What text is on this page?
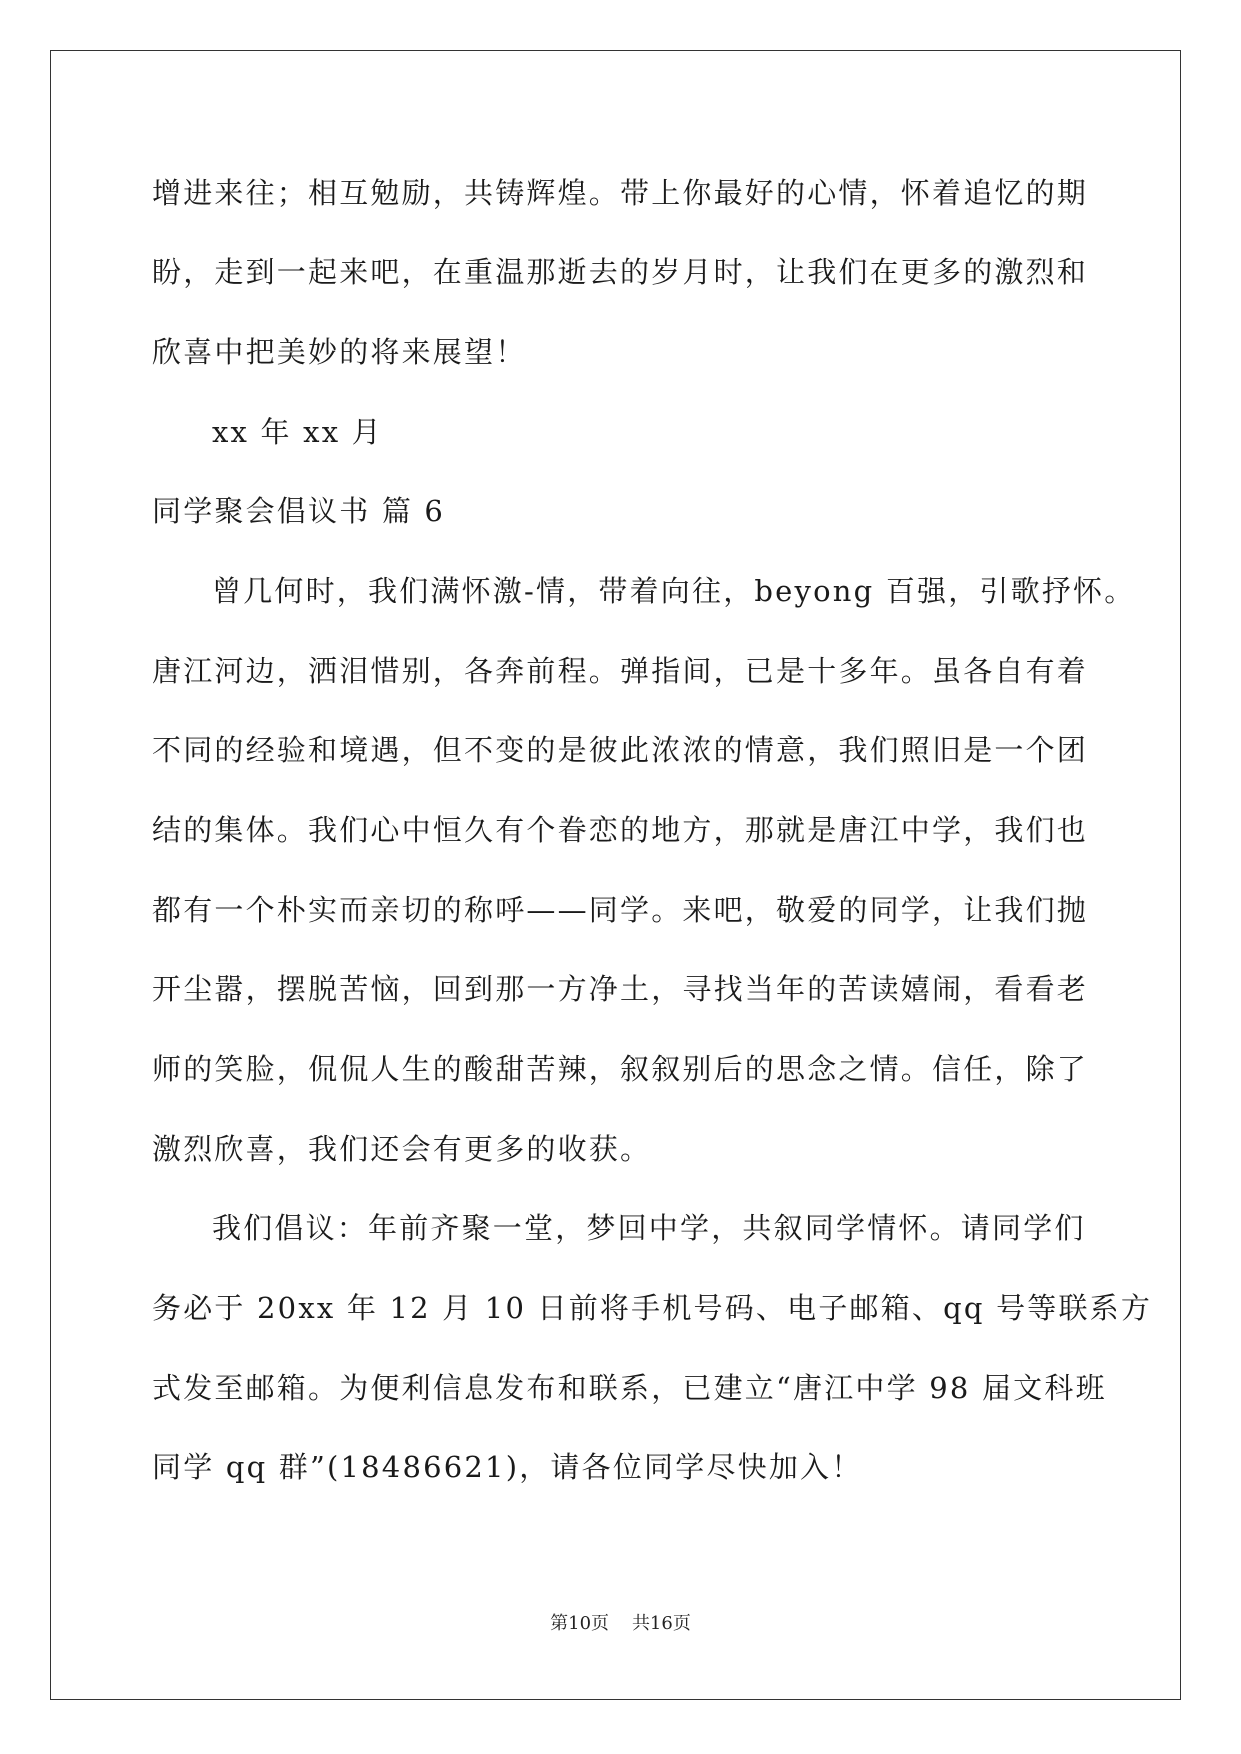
增进来往；相互勉励，共铸辉煌。带上你最好的心情，怀着追忆的期
盼，走到一起来吧，在重温那逝去的岁月时，让我们在更多的激烈和
欣喜中把美妙的将来展望！
xx 年 xx 月
同学聚会倡议书 篇 6
曾几何时，我们满怀激-情，带着向往，beyong 百强，引歌抒怀。
唐江河边，洒泪惜别，各奔前程。弹指间，已是十多年。虽各自有着
不同的经验和境遇，但不变的是彼此浓浓的情意，我们照旧是一个团
结的集体。我们心中恒久有个眷恋的地方，那就是唐江中学，我们也
都有一个朴实而亲切的称呼——同学。来吧，敬爱的同学，让我们抛
开尘嚣，摆脱苦恼，回到那一方净土，寻找当年的苦读嬉闹，看看老
师的笑脸，侃侃人生的酸甜苦辣，叙叙别后的思念之情。信任，除了
激烈欣喜，我们还会有更多的收获。
我们倡议：年前齐聚一堂，梦回中学，共叙同学情怀。请同学们
务必于 20xx 年 12 月 10 日前将手机号码、电子邮箱、qq 号等联系方
式发至邮箱。为便利信息发布和联系，已建立“唐江中学 98 届文科班
同学 qq 群”(18486621)，请各位同学尽快加入！
第10页 共16页
